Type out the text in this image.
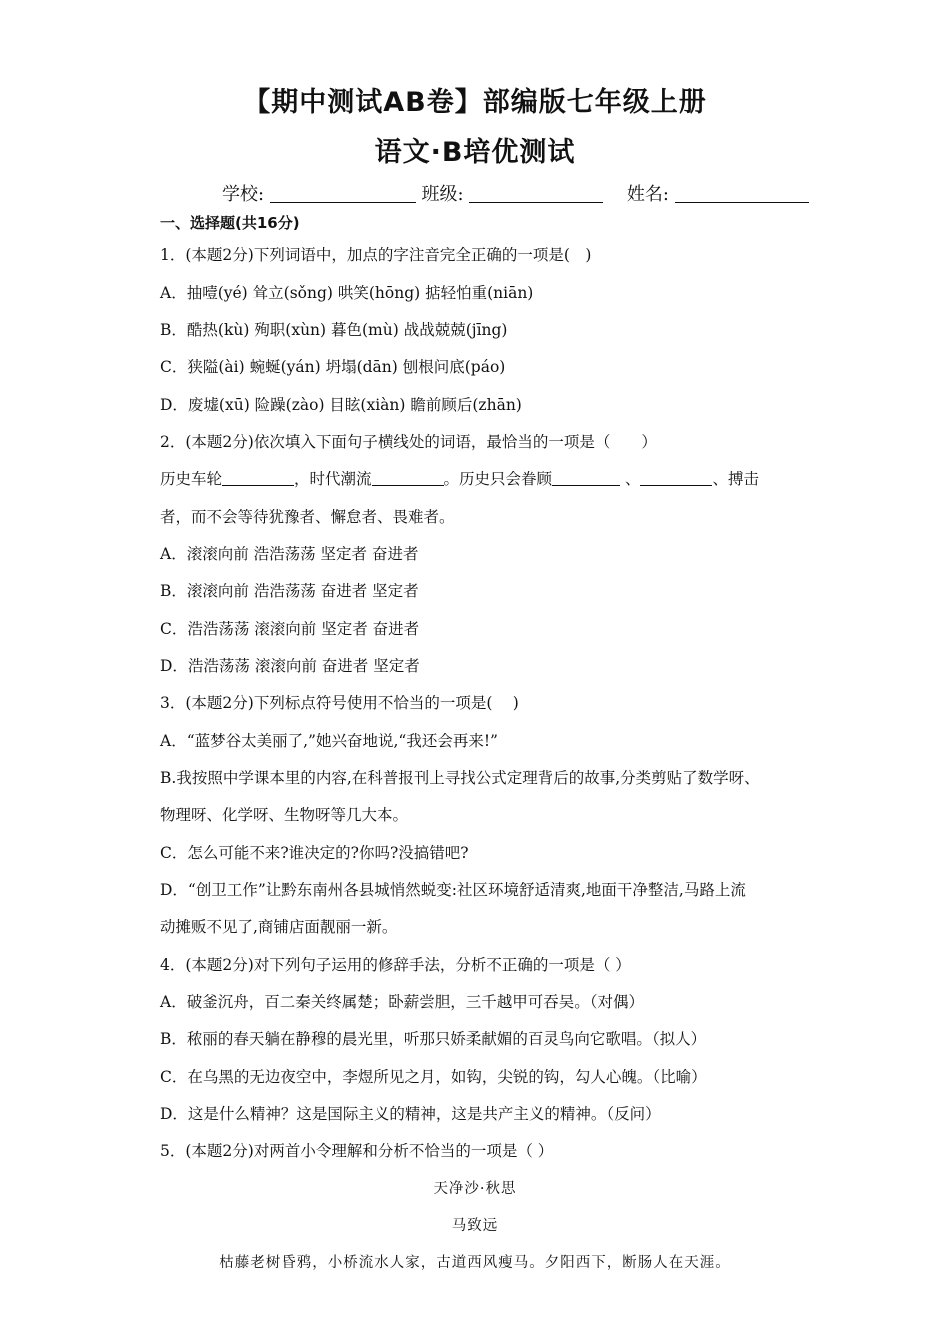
【期中测试AB卷】部编版七年级上册
语文·B培优测试
学校:	班级:	姓名:
一、选择题(共16分)
1．(本题2分)下列词语中，加点的字注音完全正确的一项是(　)
A．抽噎(yé) 耸立(sǒng) 哄笑(hōng) 掂轻怕重(niān)
B．酷热(kù) 殉职(xùn) 暮色(mù) 战战兢兢(jīng)
C．狭隘(ài) 蜿蜒(yán) 坍塌(dān) 刨根问底(páo)
D．废墟(xū) 险躁(zào) 目眩(xiàn) 瞻前顾后(zhān)
2．(本题2分)依次填入下面句子横线处的词语，最恰当的一项是（　　）
历史车轮	，时代潮流	。历史只会眷顾	、	、搏击
者，而不会等待犹豫者、懈怠者、畏难者。
A．滚滚向前 浩浩荡荡 坚定者 奋进者
B．滚滚向前 浩浩荡荡 奋进者 坚定者
C．浩浩荡荡 滚滚向前 坚定者 奋进者
D．浩浩荡荡 滚滚向前 奋进者 坚定者
3．(本题2分)下列标点符号使用不恰当的一项是(　 )
A．“蓝梦谷太美丽了,”她兴奋地说,“我还会再来!”
B.我按照中学课本里的内容,在科普报刊上寻找公式定理背后的故事,分类剪贴了数学呀、
物理呀、化学呀、生物呀等几大本。
C．怎么可能不来?谁决定的?你吗?没搞错吧?
D．“创卫工作”让黔东南州各县城悄然蜕变:社区环境舒适清爽,地面干净整洁,马路上流
动摊贩不见了,商铺店面靓丽一新。
4．(本题2分)对下列句子运用的修辞手法，分析不正确的一项是（ ）
A．破釜沉舟，百二秦关终属楚；卧薪尝胆，三千越甲可吞吴。（对偶）
B．秾丽的春天躺在静穆的晨光里，听那只娇柔献媚的百灵鸟向它歌唱。（拟人）
C．在乌黑的无边夜空中，李煜所见之月，如钩，尖锐的钩，勾人心魄。（比喻）
D．这是什么精神？这是国际主义的精神，这是共产主义的精神。（反问）
5．(本题2分)对两首小令理解和分析不恰当的一项是（ ）
天净沙·秋思
马致远
枯藤老树昏鸦，小桥流水人家，古道西风瘦马。夕阳西下，断肠人在天涯。
